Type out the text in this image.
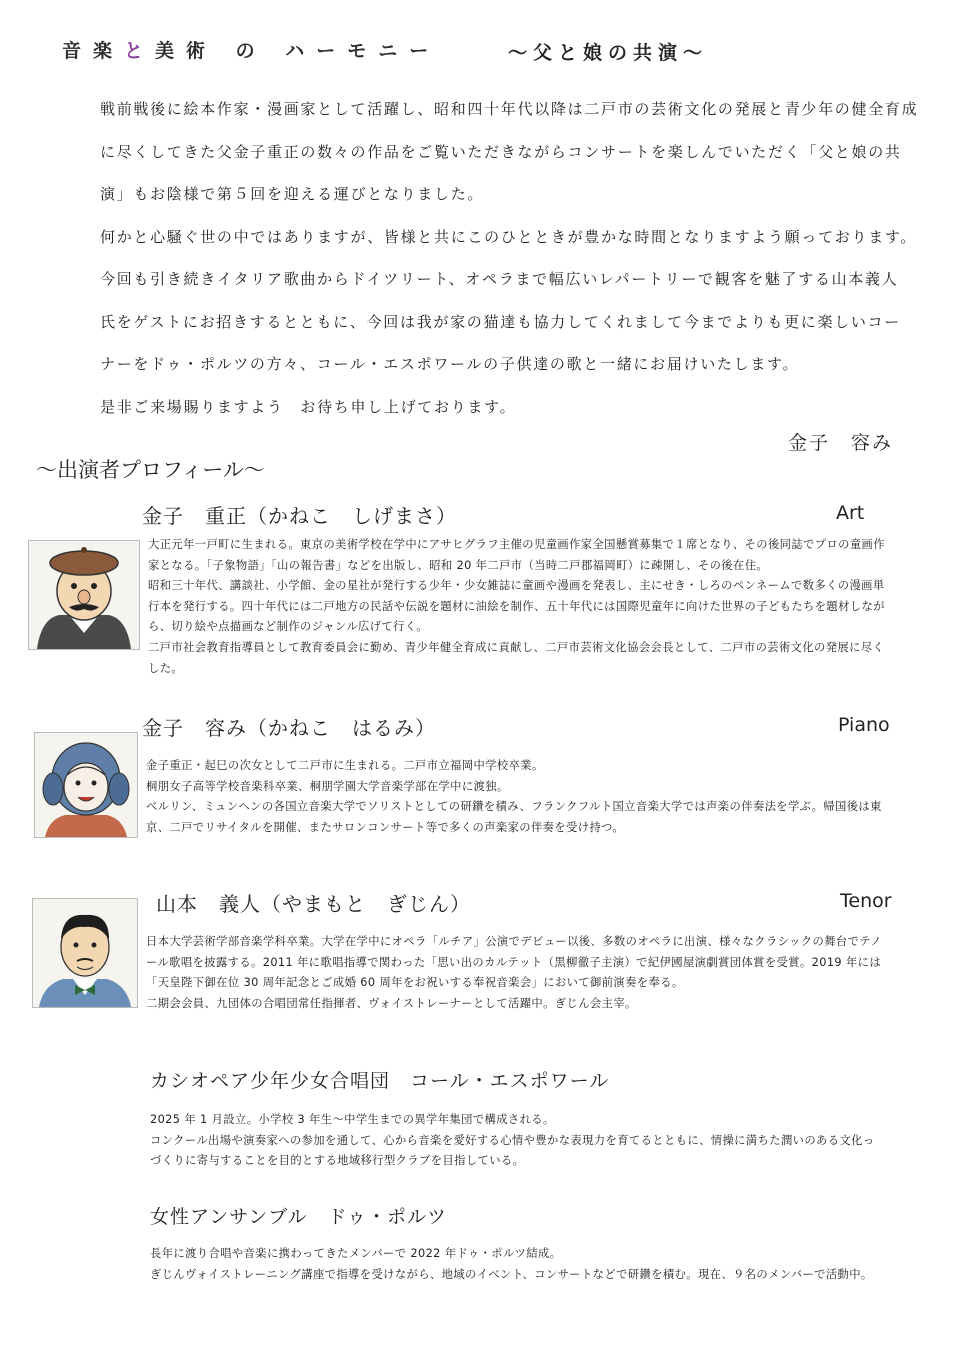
音楽と美術 の ハーモニー	～父と娘の共演～

戦前戦後に絵本作家・漫画家として活躍し、昭和四十年代以降は二戸市の芸術文化の発展と青少年の健全育成

に尽くしてきた父金子重正の数々の作品をご覧いただきながらコンサートを楽しんでいただく「父と娘の共

演」もお陰様で第５回を迎える運びとなりました。

何かと心騒ぐ世の中ではありますが、皆様と共にこのひとときが豊かな時間となりますよう願っております。

今回も引き続きイタリア歌曲からドイツリート、オペラまで幅広いレパートリーで観客を魅了する山本義人

氏をゲストにお招きするとともに、今回は我が家の猫達も協力してくれまして今までよりも更に楽しいコー

ナーをドゥ・ポルツの方々、コール・エスポワールの子供達の歌と一緒にお届けいたします。

是非ご来場賜りますよう　お待ち申し上げております。

金子　容み
～出演者プロフィール～
金子　重正（かねこ　しげまさ）	Art

大正元年一戸町に生まれる。東京の美術学校在学中にアサヒグラフ主催の児童画作家全国懸賞募集で１席となり、その後同誌でプロの童画作

家となる。「子象物語」「山の報告書」などを出版し、昭和 20 年二戸市（当時二戸郡福岡町）に疎開し、その後在住。

昭和三十年代、講談社、小学館、金の星社が発行する少年・少女雑誌に童画や漫画を発表し、主にせき・しろのペンネームで数多くの漫画単

行本を発行する。四十年代には二戸地方の民話や伝説を題材に油絵を制作、五十年代には国際児童年に向けた世界の子どもたちを題材しなが

ら、切り絵や点描画など制作のジャンル広げて行く。

二戸市社会教育指導員として教育委員会に勤め、青少年健全育成に貢献し、二戸市芸術文化協会会長として、二戸市の芸術文化の発展に尽く

した。

金子　容み（かねこ　はるみ）	Piano

金子重正・起巳の次女として二戸市に生まれる。二戸市立福岡中学校卒業。

桐朋女子高等学校音楽科卒業、桐朋学園大学音楽学部在学中に渡独。

ベルリン、ミュンヘンの各国立音楽大学でソリストとしての研鑽を積み、フランクフルト国立音楽大学では声楽の伴奏法を学ぶ。帰国後は東

京、二戸でリサイタルを開催、またサロンコンサート等で多くの声楽家の伴奏を受け持つ。

山本　義人（やまもと　ぎじん）	Tenor

日本大学芸術学部音楽学科卒業。大学在学中にオペラ「ルチア」公演でデビュー以後、多数のオペラに出演、様々なクラシックの舞台でテノ

ール歌唱を披露する。2011 年に歌唱指導で関わった「思い出のカルテット（黒柳徹子主演）で紀伊國屋演劇賞団体賞を受賞。2019 年には

「天皇陛下御在位 30 周年記念とご成婚 60 周年をお祝いする奉祝音楽会」において御前演奏を奉る。

二期会会員、九団体の合唱団常任指揮者、ヴォイストレーナーとして活躍中。ぎじん会主宰。

カシオペア少年少女合唱団　コール・エスポワール

2025 年 1 月設立。小学校 3 年生～中学生までの異学年集団で構成される。

コンクール出場や演奏家への参加を通して、心から音楽を愛好する心情や豊かな表現力を育てるとともに、情操に満ちた潤いのある文化っ

づくりに寄与することを目的とする地域移行型クラブを目指している。

女性アンサンブル　ドゥ・ポルツ

長年に渡り合唱や音楽に携わってきたメンバーで 2022 年ドゥ・ポルツ結成。

ぎじんヴォイストレーニング講座で指導を受けながら、地域のイベント、コンサートなどで研鑽を積む。現在、９名のメンバーで活動中。
